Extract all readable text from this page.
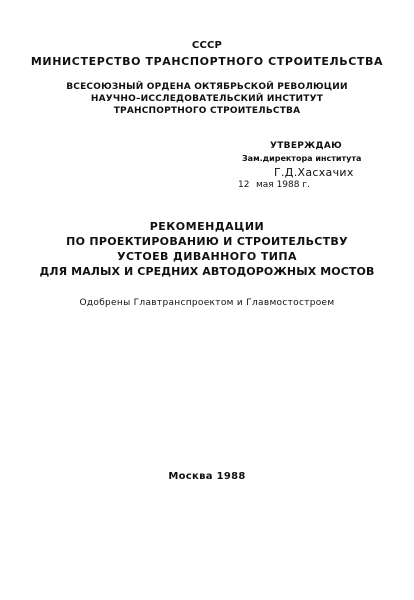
СССР
МИНИСТЕРСТВО ТРАНСПОРТНОГО СТРОИТЕЛЬСТВА
ВСЕСОЮЗНЫЙ ОРДЕНА ОКТЯБРЬСКОЙ РЕВОЛЮЦИИ
НАУЧНО–ИССЛЕДОВАТЕЛЬСКИЙ ИНСТИТУТ
ТРАНСПОРТНОГО СТРОИТЕЛЬСТВА
УТВЕРЖДАЮ
Зам.директора института
Г.Д.Хасхачих
12 мая 1988 г.
РЕКОМЕНДАЦИИ
ПО ПРОЕКТИРОВАНИЮ И СТРОИТЕЛЬСТВУ
УСТОЕВ ДИВАННОГО ТИПА
ДЛЯ МАЛЫХ И СРЕДНИХ АВТОДОРОЖНЫХ МОСТОВ
Одобрены Главтранспроектом и Главмостостроем
Москва 1988
